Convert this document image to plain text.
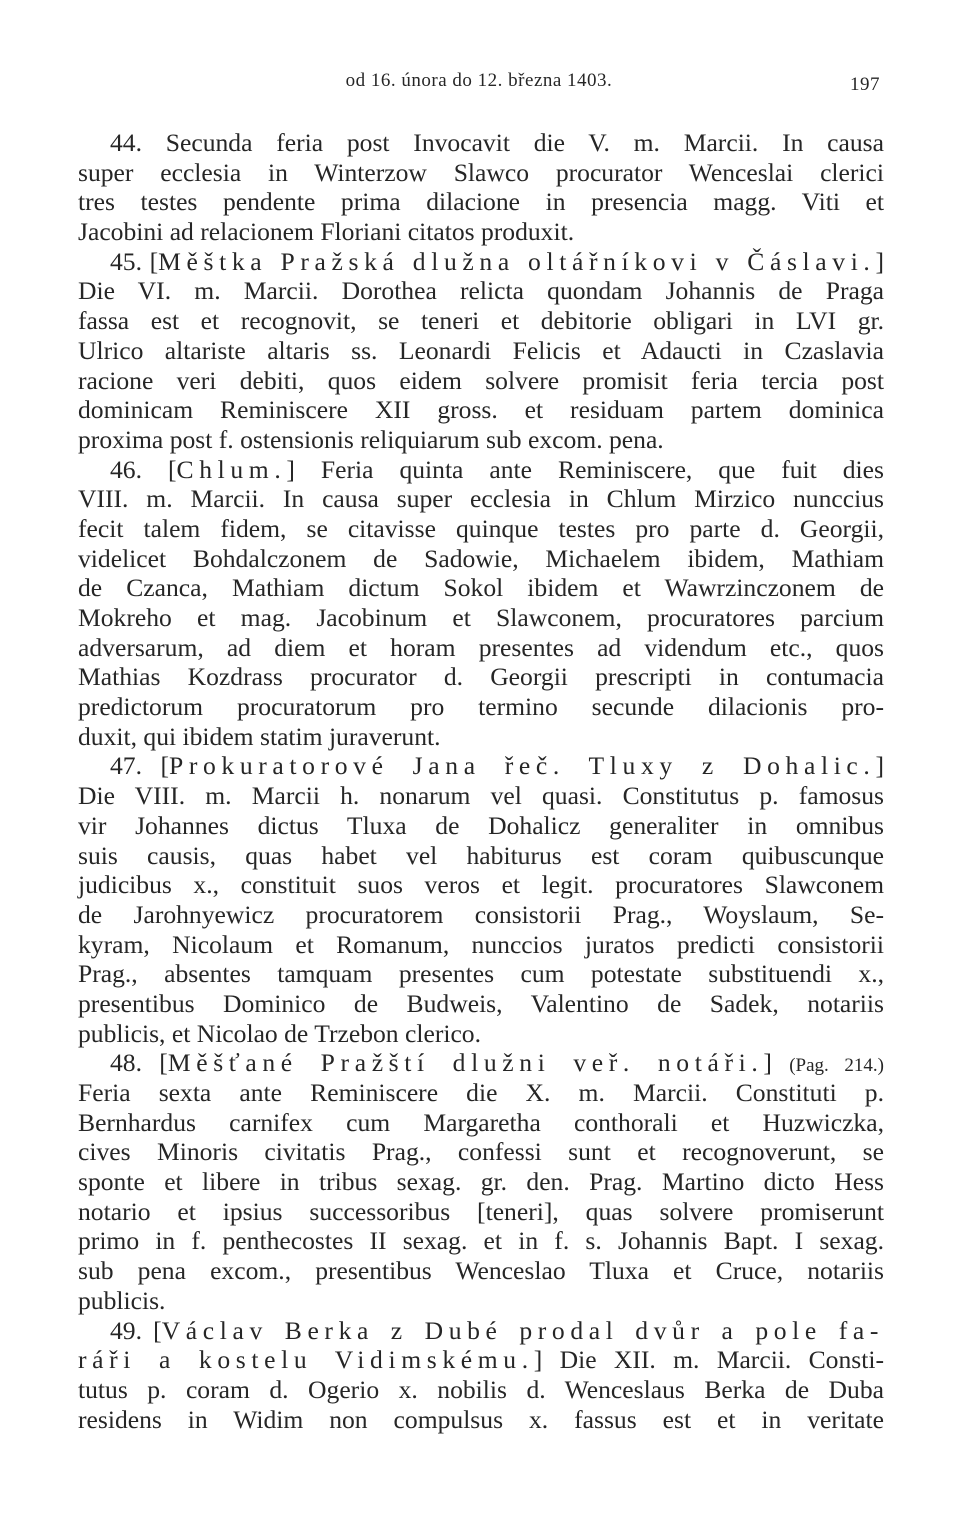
od 16. února do 12. března 1403.	197
44. Secunda feria post Invocavit die V. m. Marcii. In causa
super ecclesia in Winterzow Slawco procurator Wenceslai clerici
tres testes pendente prima dilacione in presencia magg. Viti et
Jacobini ad relacionem Floriani citatos produxit.
45. [Měštka Pražská dlužna oltářníkovi v Čáslavi.]
Die VI. m. Marcii. Dorothea relicta quondam Johannis de Praga
fassa est et recognovit, se teneri et debitorie obligari in LVI gr.
Ulrico altariste altaris ss. Leonardi Felicis et Adaucti in Czaslavia
racione veri debiti, quos eidem solvere promisit feria tercia post
dominicam Reminiscere XII gross. et residuam partem dominica
proxima post f. ostensionis reliquiarum sub excom. pena.
46. [Chlum.] Feria quinta ante Reminiscere, que fuit dies
VIII. m. Marcii. In causa super ecclesia in Chlum Mirzico nunccius
fecit talem fidem, se citavisse quinque testes pro parte d. Georgii,
videlicet Bohdalczonem de Sadowie, Michaelem ibidem, Mathiam
de Czanca, Mathiam dictum Sokol ibidem et Wawrzinczonem de
Mokreho et mag. Jacobinum et Slawconem, procuratores parcium
adversarum, ad diem et horam presentes ad videndum etc., quos
Mathias Kozdrass procurator d. Georgii prescripti in contumacia
predictorum procuratorum pro termino secunde dilacionis pro-
duxit, qui ibidem statim juraverunt.
47. [Prokuratorové Jana řeč. Tluxy z Dohalic.]
Die VIII. m. Marcii h. nonarum vel quasi. Constitutus p. famosus
vir Johannes dictus Tluxa de Dohalicz generaliter in omnibus
suis causis, quas habet vel habiturus est coram quibuscunque
judicibus x., constituit suos veros et legit. procuratores Slawconem
de Jarohnyewicz procuratorem consistorii Prag., Woyslaum, Se-
kyram, Nicolaum et Romanum, nunccios juratos predicti consistorii
Prag., absentes tamquam presentes cum potestate substituendi x.,
presentibus Dominico de Budweis, Valentino de Sadek, notariis
publicis, et Nicolao de Trzebon clerico.
48. [Měšťané Pražští dlužni veř. notáři.] (Pag. 214.)
Feria sexta ante Reminiscere die X. m. Marcii. Constituti p.
Bernhardus carnifex cum Margaretha conthorali et Huzwiczka,
cives Minoris civitatis Prag., confessi sunt et recognoverunt, se
sponte et libere in tribus sexag. gr. den. Prag. Martino dicto Hess
notario et ipsius successoribus [teneri], quas solvere promiserunt
primo in f. penthecostes II sexag. et in f. s. Johannis Bapt. I sexag.
sub pena excom., presentibus Wenceslao Tluxa et Cruce, notariis
publicis.
49. [Václav Berka z Dubé prodal dvůr a pole fa-
ráři a kostelu Vidimskému.] Die XII. m. Marcii. Consti-
tutus p. coram d. Ogerio x. nobilis d. Wenceslaus Berka de Duba
residens in Widim non compulsus x. fassus est et in veritate
